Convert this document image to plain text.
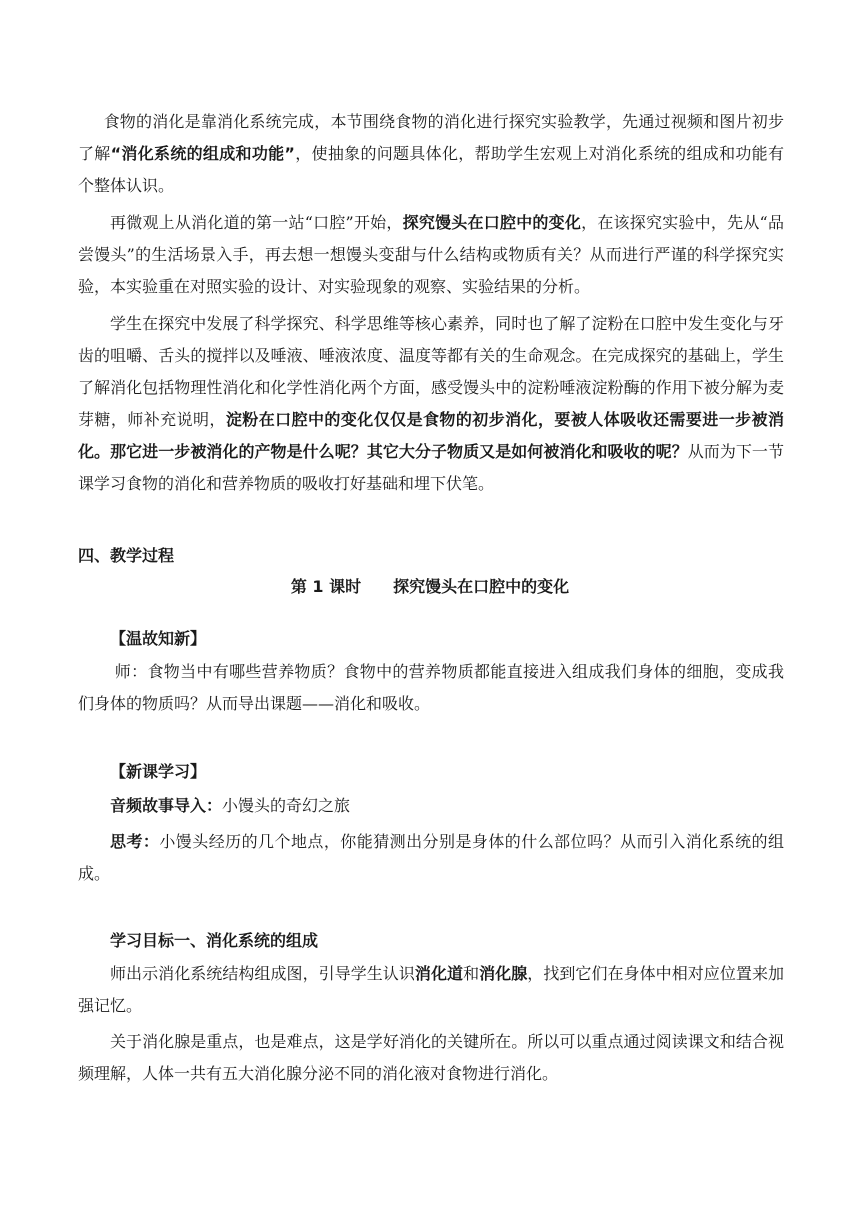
食物的消化是靠消化系统完成，本节围绕食物的消化进行探究实验教学，先通过视频和图片初步了解“消化系统的组成和功能”，使抽象的问题具体化，帮助学生宏观上对消化系统的组成和功能有个整体认识。

再微观上从消化道的第一站“口腔”开始，探究馒头在口腔中的变化，在该探究实验中，先从“品尝馒头”的生活场景入手，再去想一想馒头变甜与什么结构或物质有关？从而进行严谨的科学探究实验，本实验重在对照实验的设计、对实验现象的观察、实验结果的分析。

学生在探究中发展了科学探究、科学思维等核心素养，同时也了解了淀粉在口腔中发生变化与牙齿的咀嚼、舌头的搅拌以及唾液、唾液浓度、温度等都有关的生命观念。在完成探究的基础上，学生了解消化包括物理性消化和化学性消化两个方面，感受馒头中的淀粉唾液淀粉酶的作用下被分解为麦芽糖，师补充说明，淀粉在口腔中的变化仅仅是食物的初步消化，要被人体吸收还需要进一步被消化。那它进一步被消化的产物是什么呢？其它大分子物质又是如何被消化和吸收的呢？从而为下一节课学习食物的消化和营养物质的吸收打好基础和埋下伏笔。

四、教学过程
第 1 课时　　探究馒头在口腔中的变化
【温故知新】

师：食物当中有哪些营养物质？食物中的营养物质都能直接进入组成我们身体的细胞，变成我们身体的物质吗？从而导出课题——消化和吸收。

【新课学习】

音频故事导入：小馒头的奇幻之旅

思考：小馒头经历的几个地点，你能猜测出分别是身体的什么部位吗？从而引入消化系统的组成。

学习目标一、消化系统的组成

师出示消化系统结构组成图，引导学生认识消化道和消化腺，找到它们在身体中相对应位置来加强记忆。

关于消化腺是重点，也是难点，这是学好消化的关键所在。所以可以重点通过阅读课文和结合视频理解，人体一共有五大消化腺分泌不同的消化液对食物进行消化。
